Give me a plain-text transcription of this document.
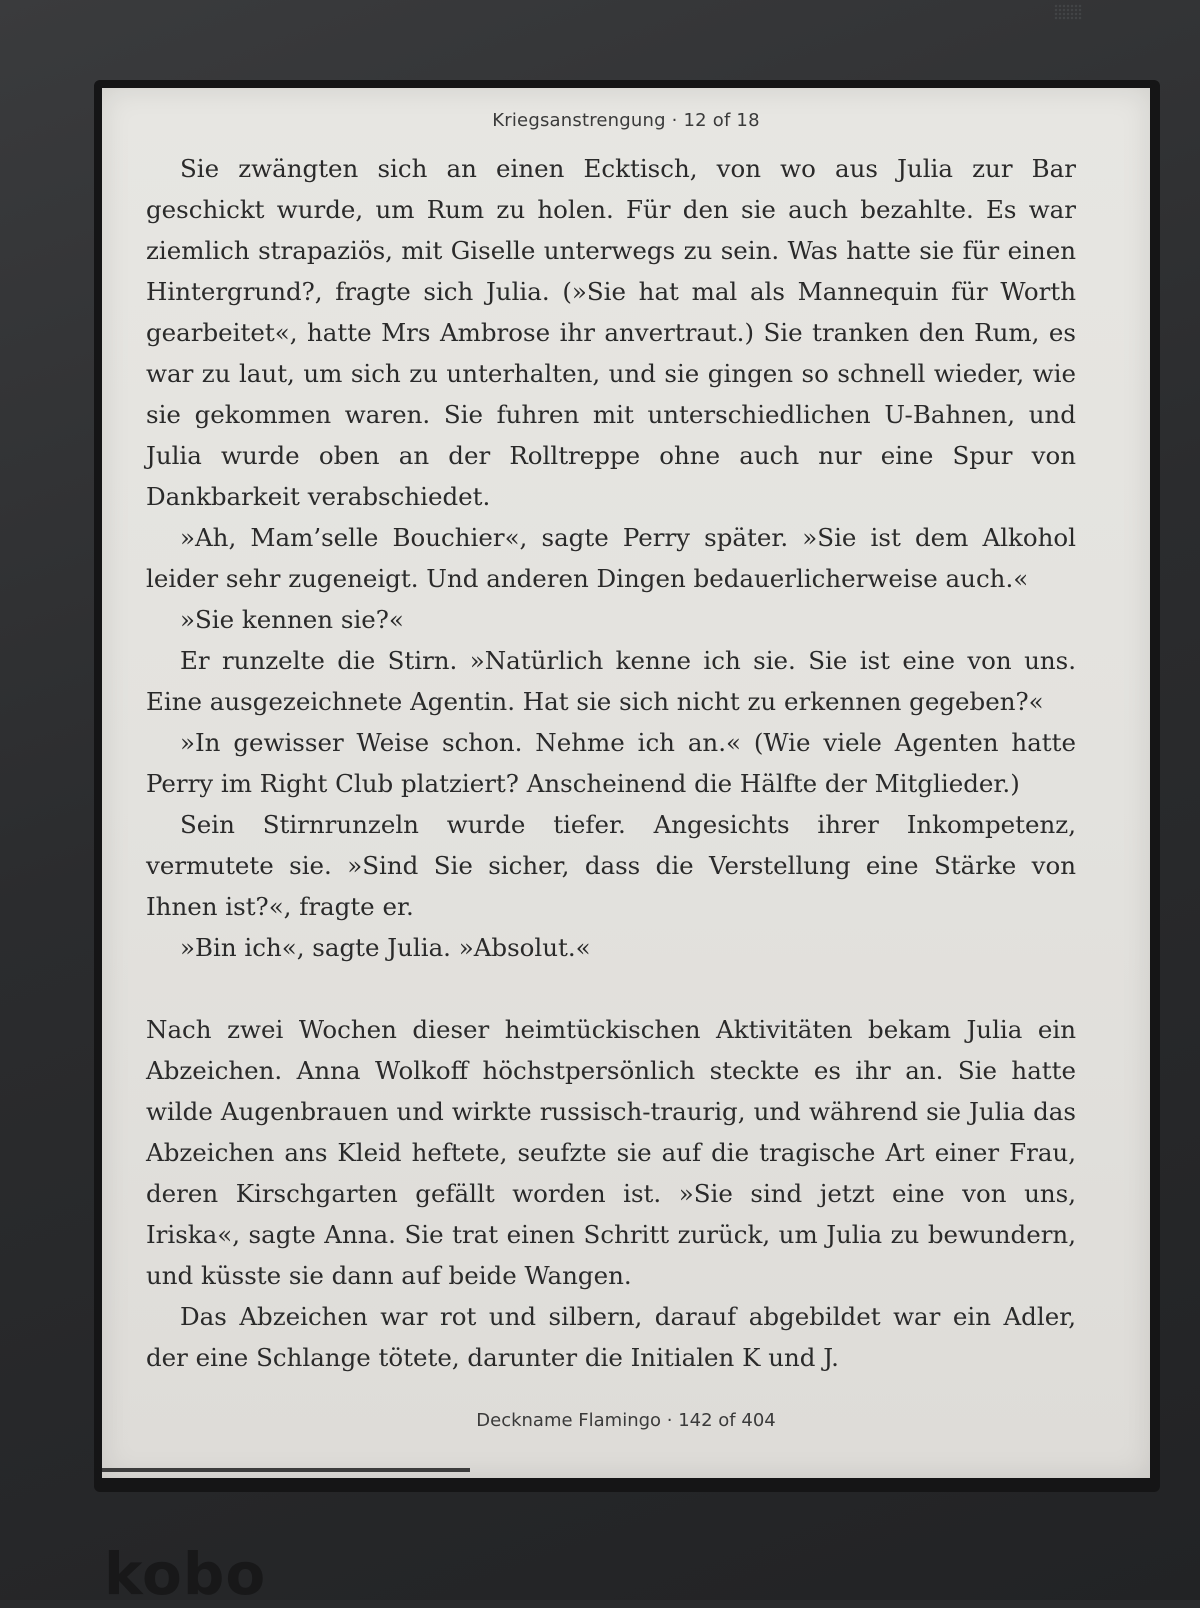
Kriegsanstrengung · 12 of 18

Sie zwängten sich an einen Ecktisch, von wo aus Julia zur Bar geschickt wurde, um Rum zu holen. Für den sie auch bezahlte. Es war ziemlich strapaziös, mit Giselle unterwegs zu sein. Was hatte sie für einen Hintergrund?, fragte sich Julia. (»Sie hat mal als Mannequin für Worth gearbeitet«, hatte Mrs Ambrose ihr anvertraut.) Sie tranken den Rum, es war zu laut, um sich zu unterhalten, und sie gingen so schnell wieder, wie sie gekommen waren. Sie fuhren mit unterschiedlichen U-Bahnen, und Julia wurde oben an der Rolltreppe ohne auch nur eine Spur von Dankbarkeit verabschiedet.

»Ah, Mam’selle Bouchier«, sagte Perry später. »Sie ist dem Alkohol leider sehr zugeneigt. Und anderen Dingen bedauerlicherweise auch.«

»Sie kennen sie?«

Er runzelte die Stirn. »Natürlich kenne ich sie. Sie ist eine von uns. Eine ausgezeichnete Agentin. Hat sie sich nicht zu erkennen gegeben?«

»In gewisser Weise schon. Nehme ich an.« (Wie viele Agenten hatte Perry im Right Club platziert? Anscheinend die Hälfte der Mitglieder.)

Sein Stirnrunzeln wurde tiefer. Angesichts ihrer Inkompetenz, vermutete sie. »Sind Sie sicher, dass die Verstellung eine Stärke von Ihnen ist?«, fragte er.

»Bin ich«, sagte Julia. »Absolut.«

Nach zwei Wochen dieser heimtückischen Aktivitäten bekam Julia ein Abzeichen. Anna Wolkoff höchstpersönlich steckte es ihr an. Sie hatte wilde Augenbrauen und wirkte russisch-traurig, und während sie Julia das Abzeichen ans Kleid heftete, seufzte sie auf die tragische Art einer Frau, deren Kirschgarten gefällt worden ist. »Sie sind jetzt eine von uns, Iriska«, sagte Anna. Sie trat einen Schritt zurück, um Julia zu bewundern, und küsste sie dann auf beide Wangen.

Das Abzeichen war rot und silbern, darauf abgebildet war ein Adler, der eine Schlange tötete, darunter die Initialen K und J.

Deckname Flamingo · 142 of 404
kobo
